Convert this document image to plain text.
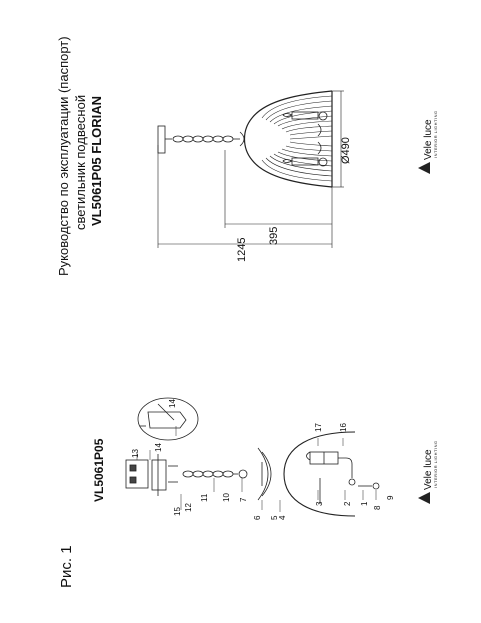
Руководство по эксплуатации (паспорт) светильник подвесной VL5061P05 FLORIAN
Рис. 1
VL5061P05
395
1245
Ø490
9
8
1
2
3
4
5
6
7
10
11
12
15
13
14
14
17 16
Vele luce INTERIOR LIGHTING
Vele luce INTERIOR LIGHTING
